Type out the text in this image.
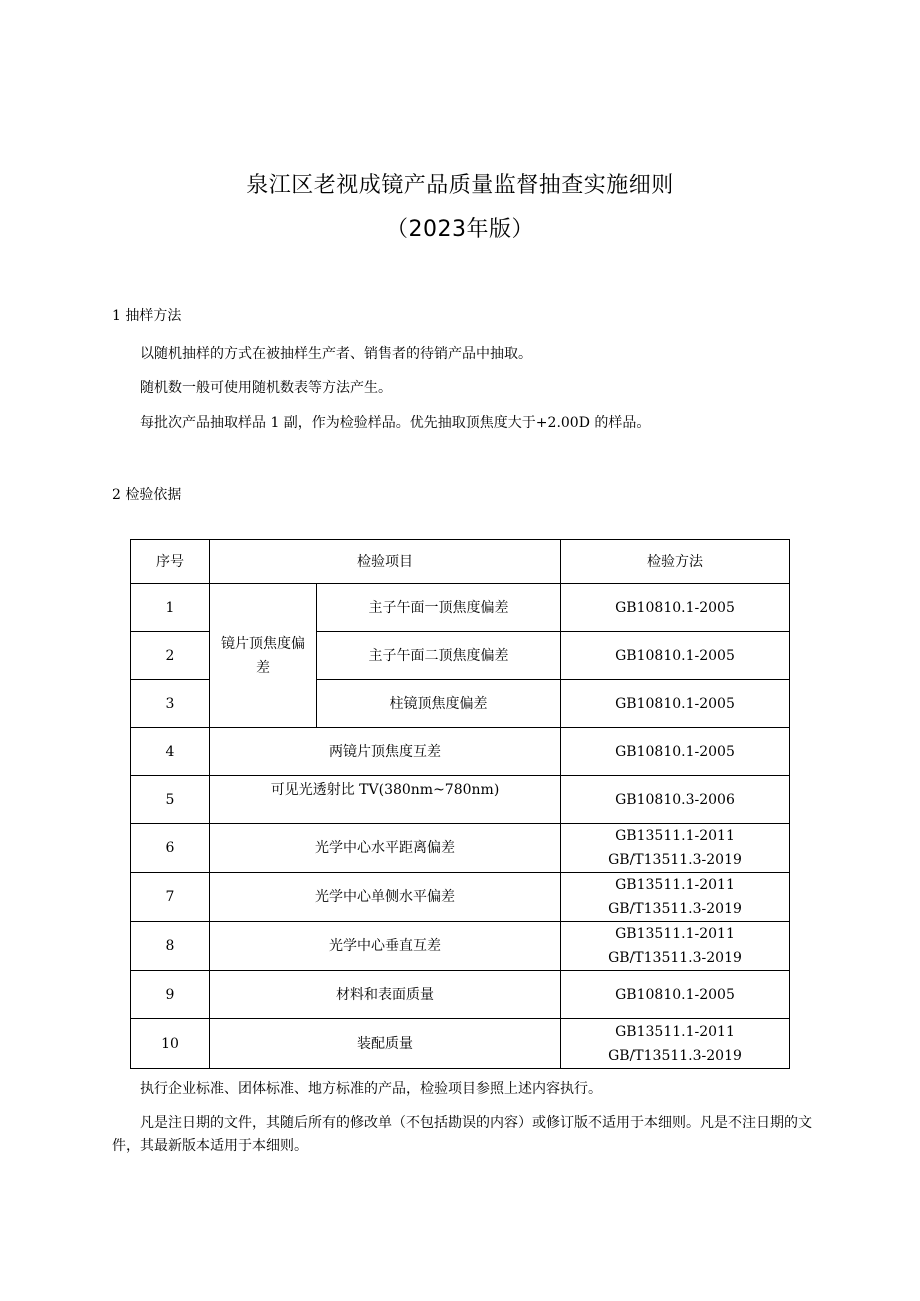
泉江区老视成镜产品质量监督抽查实施细则
（2023年版）
1 抽样方法
以随机抽样的方式在被抽样生产者、销售者的待销产品中抽取。
随机数一般可使用随机数表等方法产生。
每批次产品抽取样品 1 副，作为检验样品。优先抽取顶焦度大于+2.00D 的样品。
2 检验依据
序号	检验项目		检验方法
1	镜片顶焦度偏差	主子午面一顶焦度偏差	GB10810.1-2005
2		主子午面二顶焦度偏差	GB10810.1-2005
3		柱镜顶焦度偏差	GB10810.1-2005
4	两镜片顶焦度互差		GB10810.1-2005
5	可见光透射比 TV(380nm~780nm)		GB10810.3-2006
6	光学中心水平距离偏差		GB13511.1-2011
GB/T13511.3-2019

7	光学中心单侧水平偏差		GB13511.1-2011
GB/T13511.3-2019

8	光学中心垂直互差		GB13511.1-2011
GB/T13511.3-2019

9	材料和表面质量		GB10810.1-2005
10	装配质量		GB13511.1-2011
GB/T13511.3-2019
执行企业标准、团体标准、地方标准的产品，检验项目参照上述内容执行。
凡是注日期的文件，其随后所有的修改单（不包括勘误的内容）或修订版不适用于本细则。凡是不注日期的文件，其最新版本适用于本细则。
